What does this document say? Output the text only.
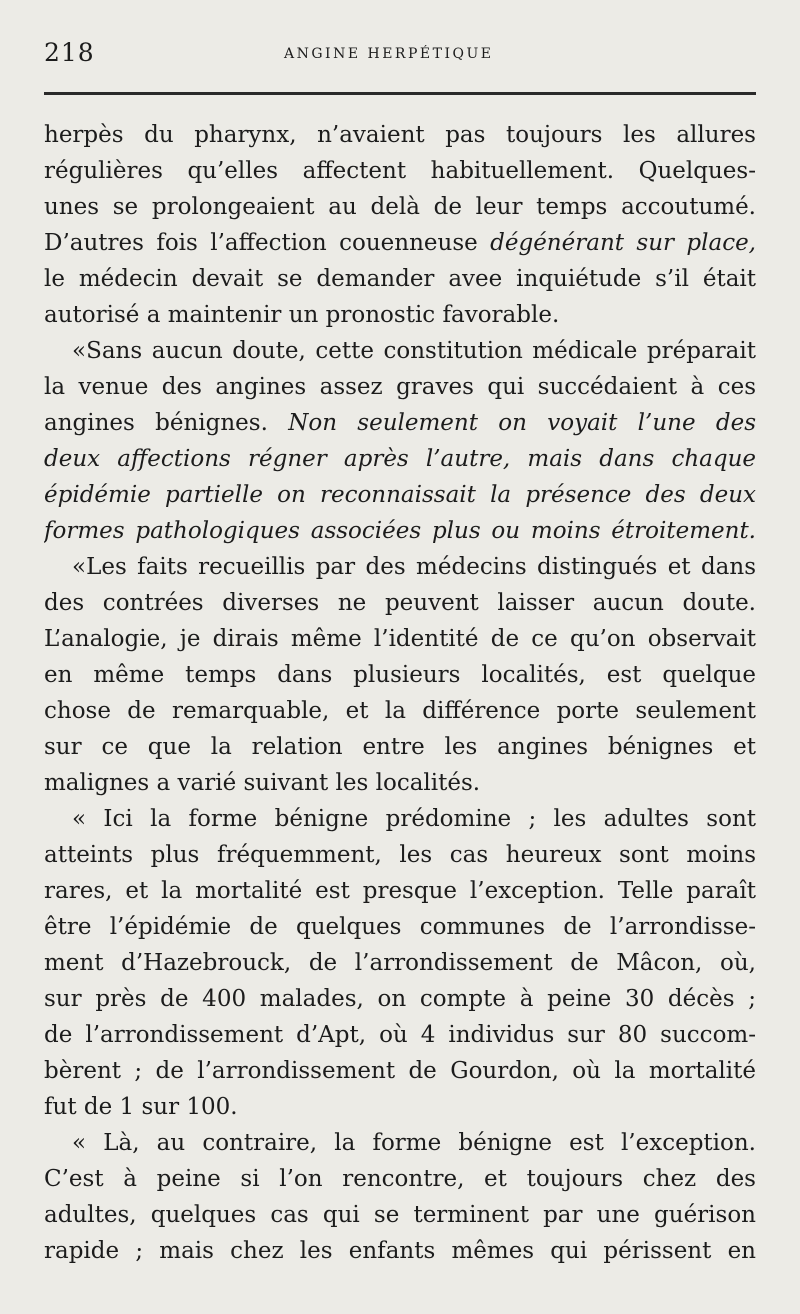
218	ANGINE HERPÉTIQUE
herpès du pharynx, n’avaient pas toujours les allures
régulières qu’elles affectent habituellement. Quelques-
unes se prolongeaient au delà de leur temps accoutumé.
D’autres fois l’affection couenneuse dégénérant sur place,
le médecin devait se demander avee inquiétude s’il était
autorisé a maintenir un pronostic favorable.
«Sans aucun doute, cette constitution médicale préparait
la venue des angines assez graves qui succédaient à ces
angines bénignes. Non seulement on voyait l’une des
deux affections régner après l’autre, mais dans chaque
épidémie partielle on reconnaissait la présence des deux
formes pathologiques associées plus ou moins étroitement.
«Les faits recueillis par des médecins distingués et dans
des contrées diverses ne peuvent laisser aucun doute.
L’analogie, je dirais même l’identité de ce qu’on observait
en même temps dans plusieurs localités, est quelque
chose de remarquable, et la différence porte seulement
sur ce que la relation entre les angines bénignes et
malignes a varié suivant les localités.
« Ici la forme bénigne prédomine ; les adultes sont
atteints plus fréquemment, les cas heureux sont moins
rares, et la mortalité est presque l’exception. Telle paraît
être l’épidémie de quelques communes de l’arrondisse-
ment d’Hazebrouck, de l’arrondissement de Mâcon, où,
sur près de 400 malades, on compte à peine 30 décès ;
de l’arrondissement d’Apt, où 4 individus sur 80 succom-
bèrent ; de l’arrondissement de Gourdon, où la mortalité
fut de 1 sur 100.
« Là, au contraire, la forme bénigne est l’exception.
C’est à peine si l’on rencontre, et toujours chez des
adultes, quelques cas qui se terminent par une guérison
rapide ; mais chez les enfants mêmes qui périssent en
